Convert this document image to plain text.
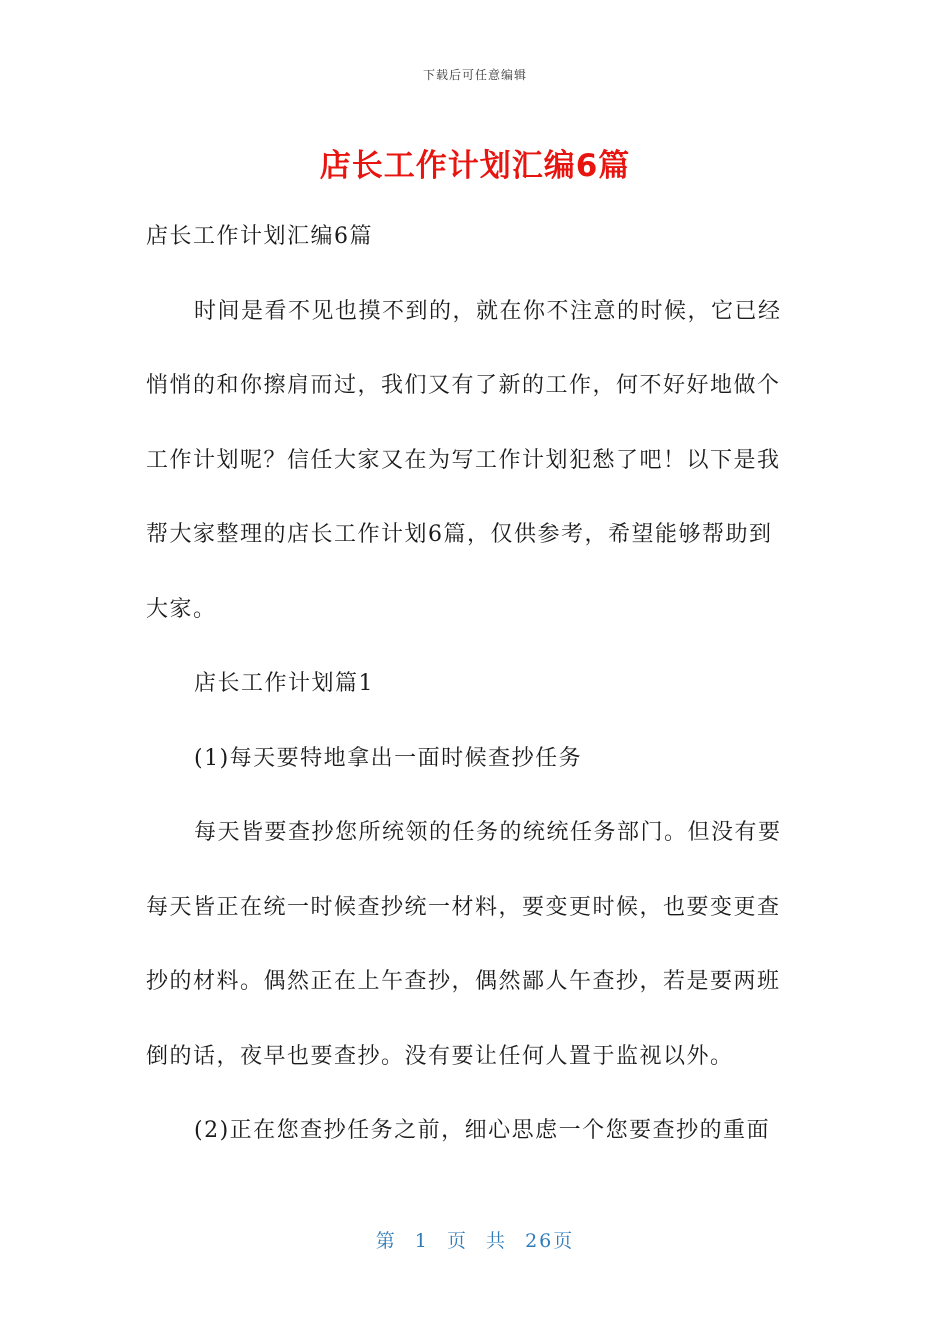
下载后可任意编辑
店长工作计划汇编6篇

店长工作计划汇编6篇

时间是看不见也摸不到的，就在你不注意的时候，它已经悄悄的和你擦肩而过，我们又有了新的工作，何不好好地做个工作计划呢？信任大家又在为写工作计划犯愁了吧！以下是我帮大家整理的店长工作计划6篇，仅供参考，希望能够帮助到大家。

店长工作计划篇1

(1)每天要特地拿出一面时候查抄任务

每天皆要查抄您所统领的任务的统统任务部门。但没有要每天皆正在统一时候查抄统一材料，要变更时候，也要变更查抄的材料。偶然正在上午查抄，偶然鄙人午查抄，若是要两班倒的话，夜早也要查抄。没有要让任何人置于监视以外。

(2)正在您查抄任务之前，细心思虑一个您要查抄的重面

第 1 页 共 26页
